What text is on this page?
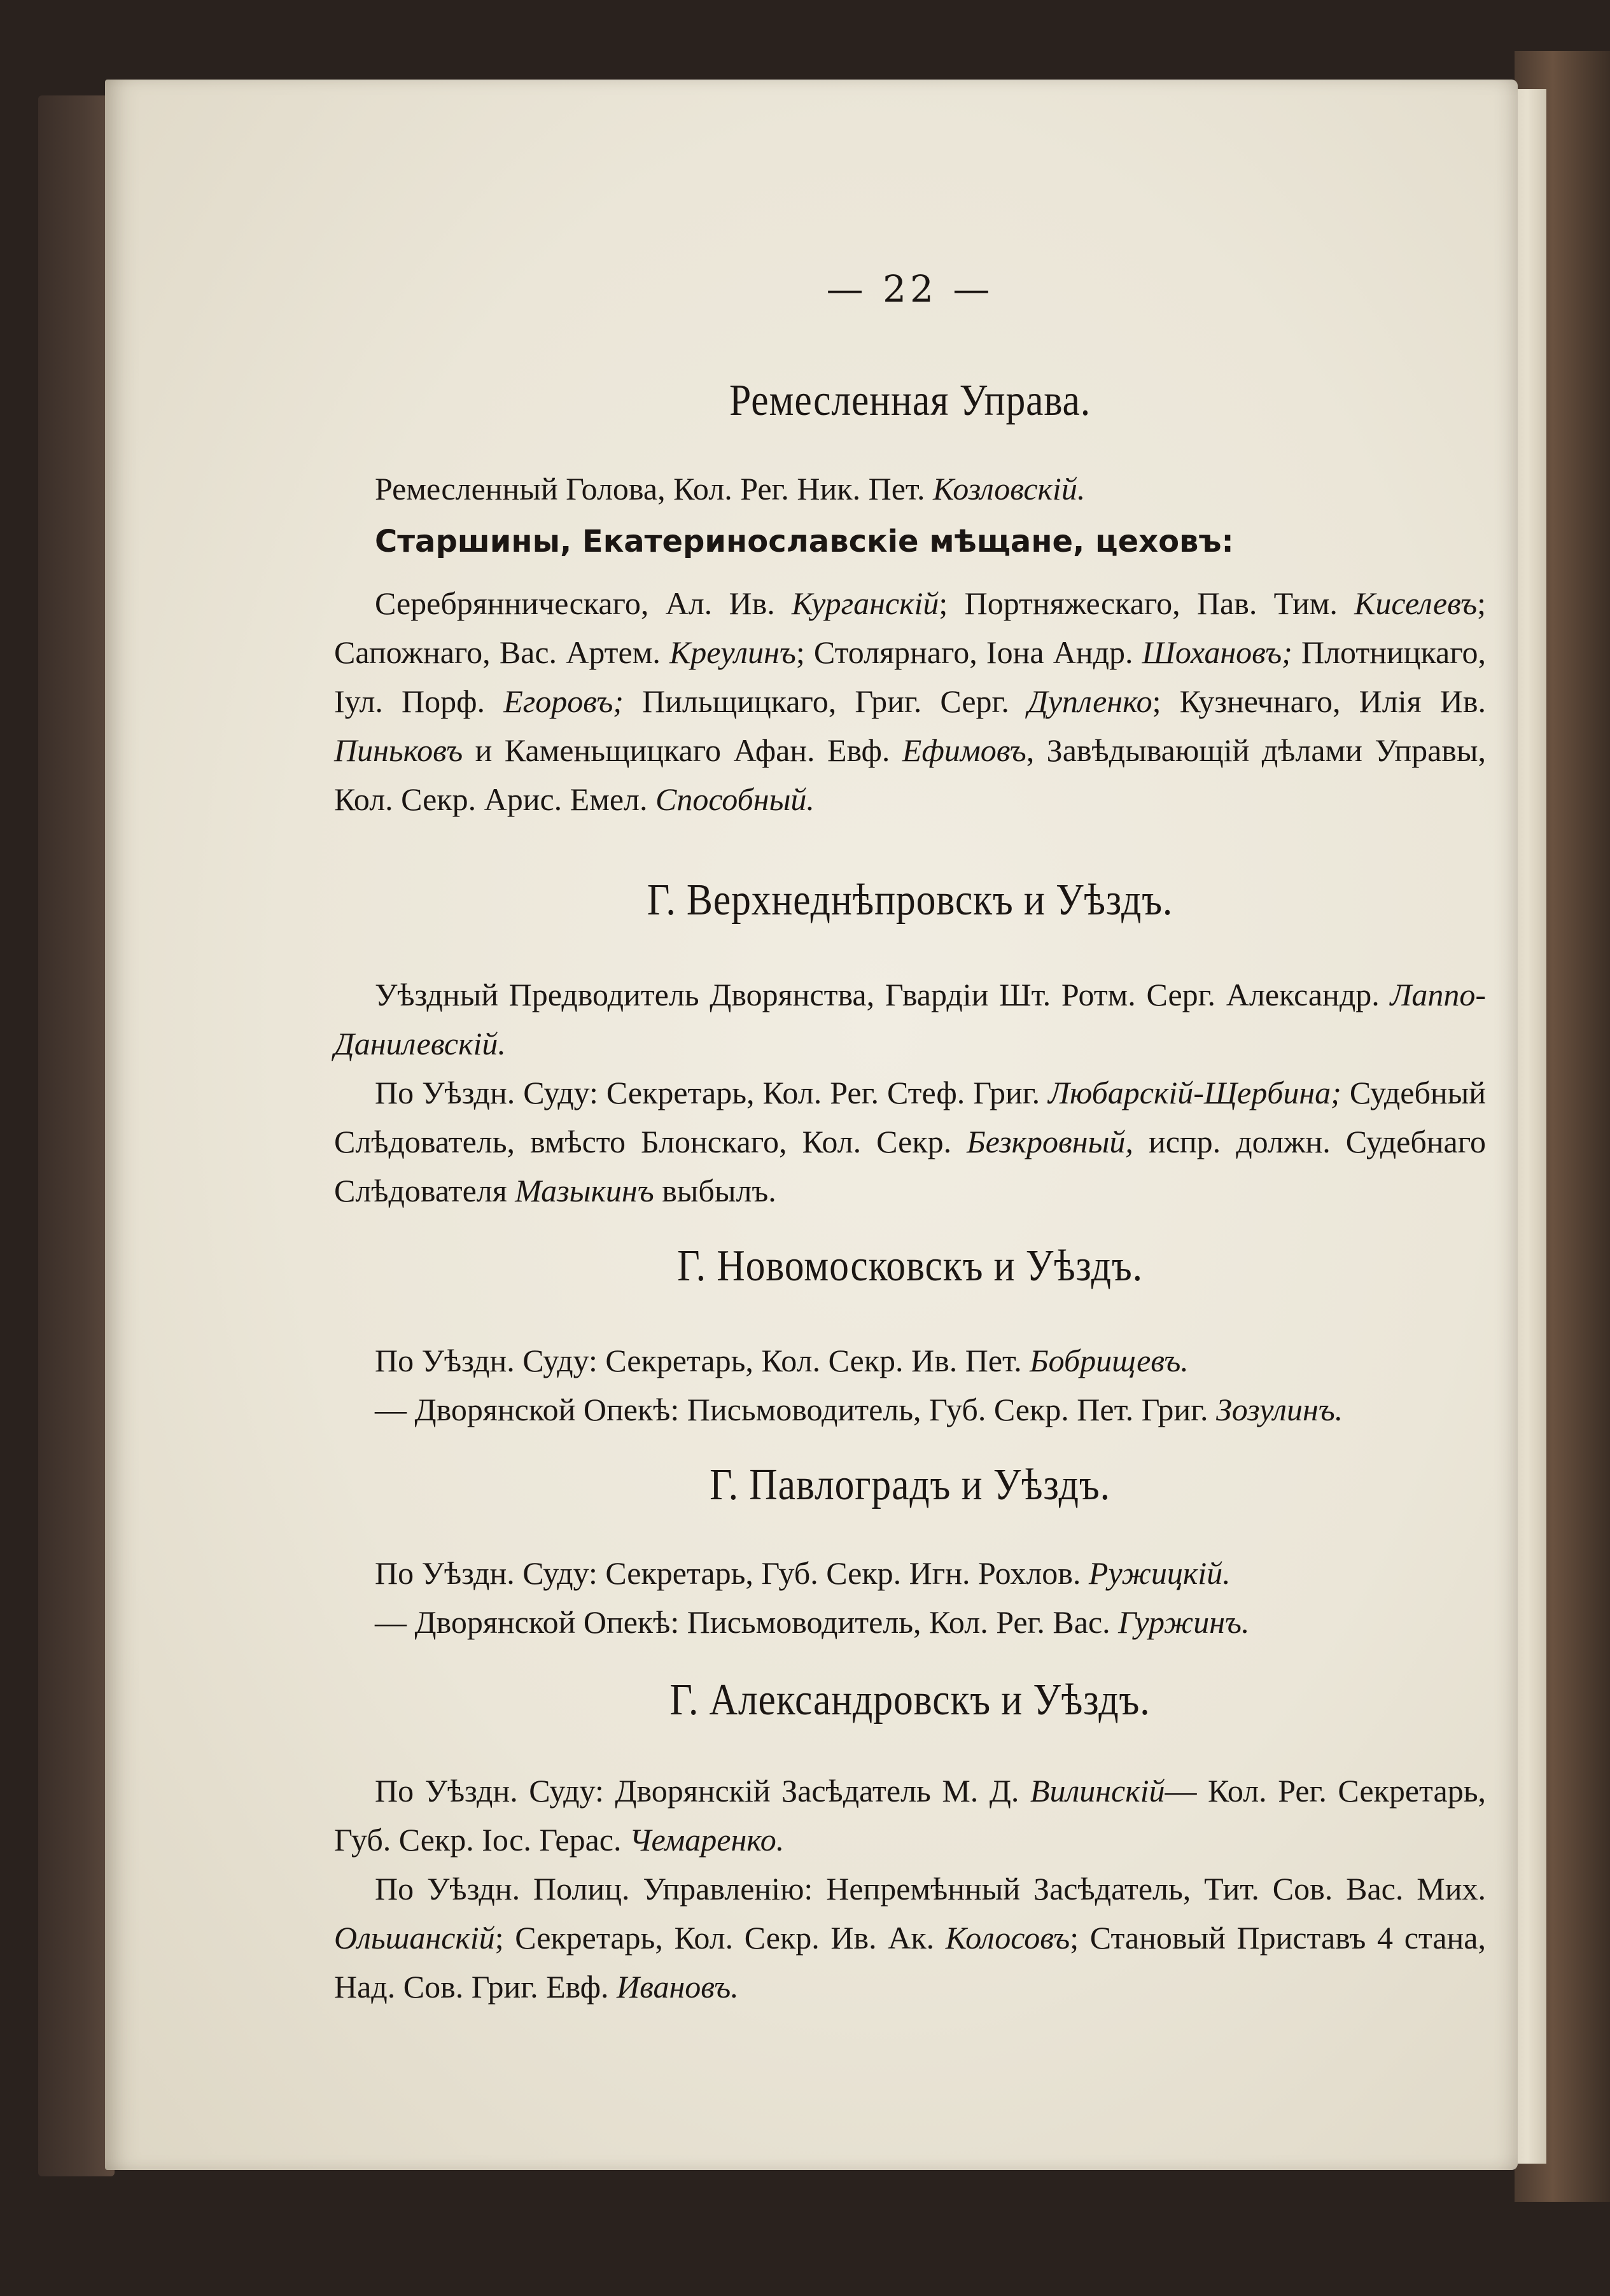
— 22 —
Ремесленная Управа.

Ремесленный Голова, Кол. Рег. Ник. Пет. Козловскій.

Старшины, Екатеринославскіе мѣщане, цеховъ:

Серебрянническаго, Ал. Ив. Курганскій; Портняжескаго, Пав. Тим. Киселевъ; Сапожнаго, Вас. Артем. Креулинъ; Столярнаго, Іона Андр. Шохановъ; Плотницкаго, Іул. Порф. Егоровъ; Пильщицкаго, Григ. Серг. Дупленко; Кузнечнаго, Илія Ив. Пиньковъ и Каменьщицкаго Афан. Евф. Ефимовъ, Завѣдывающій дѣлами Управы, Кол. Секр. Арис. Емел. Способный.

Г. Верхнеднѣпровскъ и Уѣздъ.

Уѣздный Предводитель Дворянства, Гвардіи Шт. Ротм. Серг. Александр. Лаппо-Данилевскій.

По Уѣздн. Суду: Секретарь, Кол. Рег. Стеф. Григ. Любарскій-Щербина; Судебный Слѣдователь, вмѣсто Блонскаго, Кол. Секр. Безкровный, испр. должн. Судебнаго Слѣдователя Мазыкинъ выбылъ.

Г. Новомосковскъ и Уѣздъ.

По Уѣздн. Суду: Секретарь, Кол. Секр. Ив. Пет. Бобрищевъ.

— Дворянской Опекѣ: Письмоводитель, Губ. Секр. Пет. Григ. Зозулинъ.

Г. Павлоградъ и Уѣздъ.

По Уѣздн. Суду: Секретарь, Губ. Секр. Игн. Рохлов. Ружицкій.

— Дворянской Опекѣ: Письмоводитель, Кол. Рег. Вас. Гуржинъ.

Г. Александровскъ и Уѣздъ.

По Уѣздн. Суду: Дворянскій Засѣдатель М. Д. Вилинскій— Кол. Рег. Секретарь, Губ. Секр. Іос. Герас. Чемаренко.

По Уѣздн. Полиц. Управленію: Непремѣнный Засѣдатель, Тит. Сов. Вас. Мих. Ольшанскій; Секретарь, Кол. Секр. Ив. Ак. Колосовъ; Становый Приставъ 4 стана, Над. Сов. Григ. Евф. Ивановъ.
